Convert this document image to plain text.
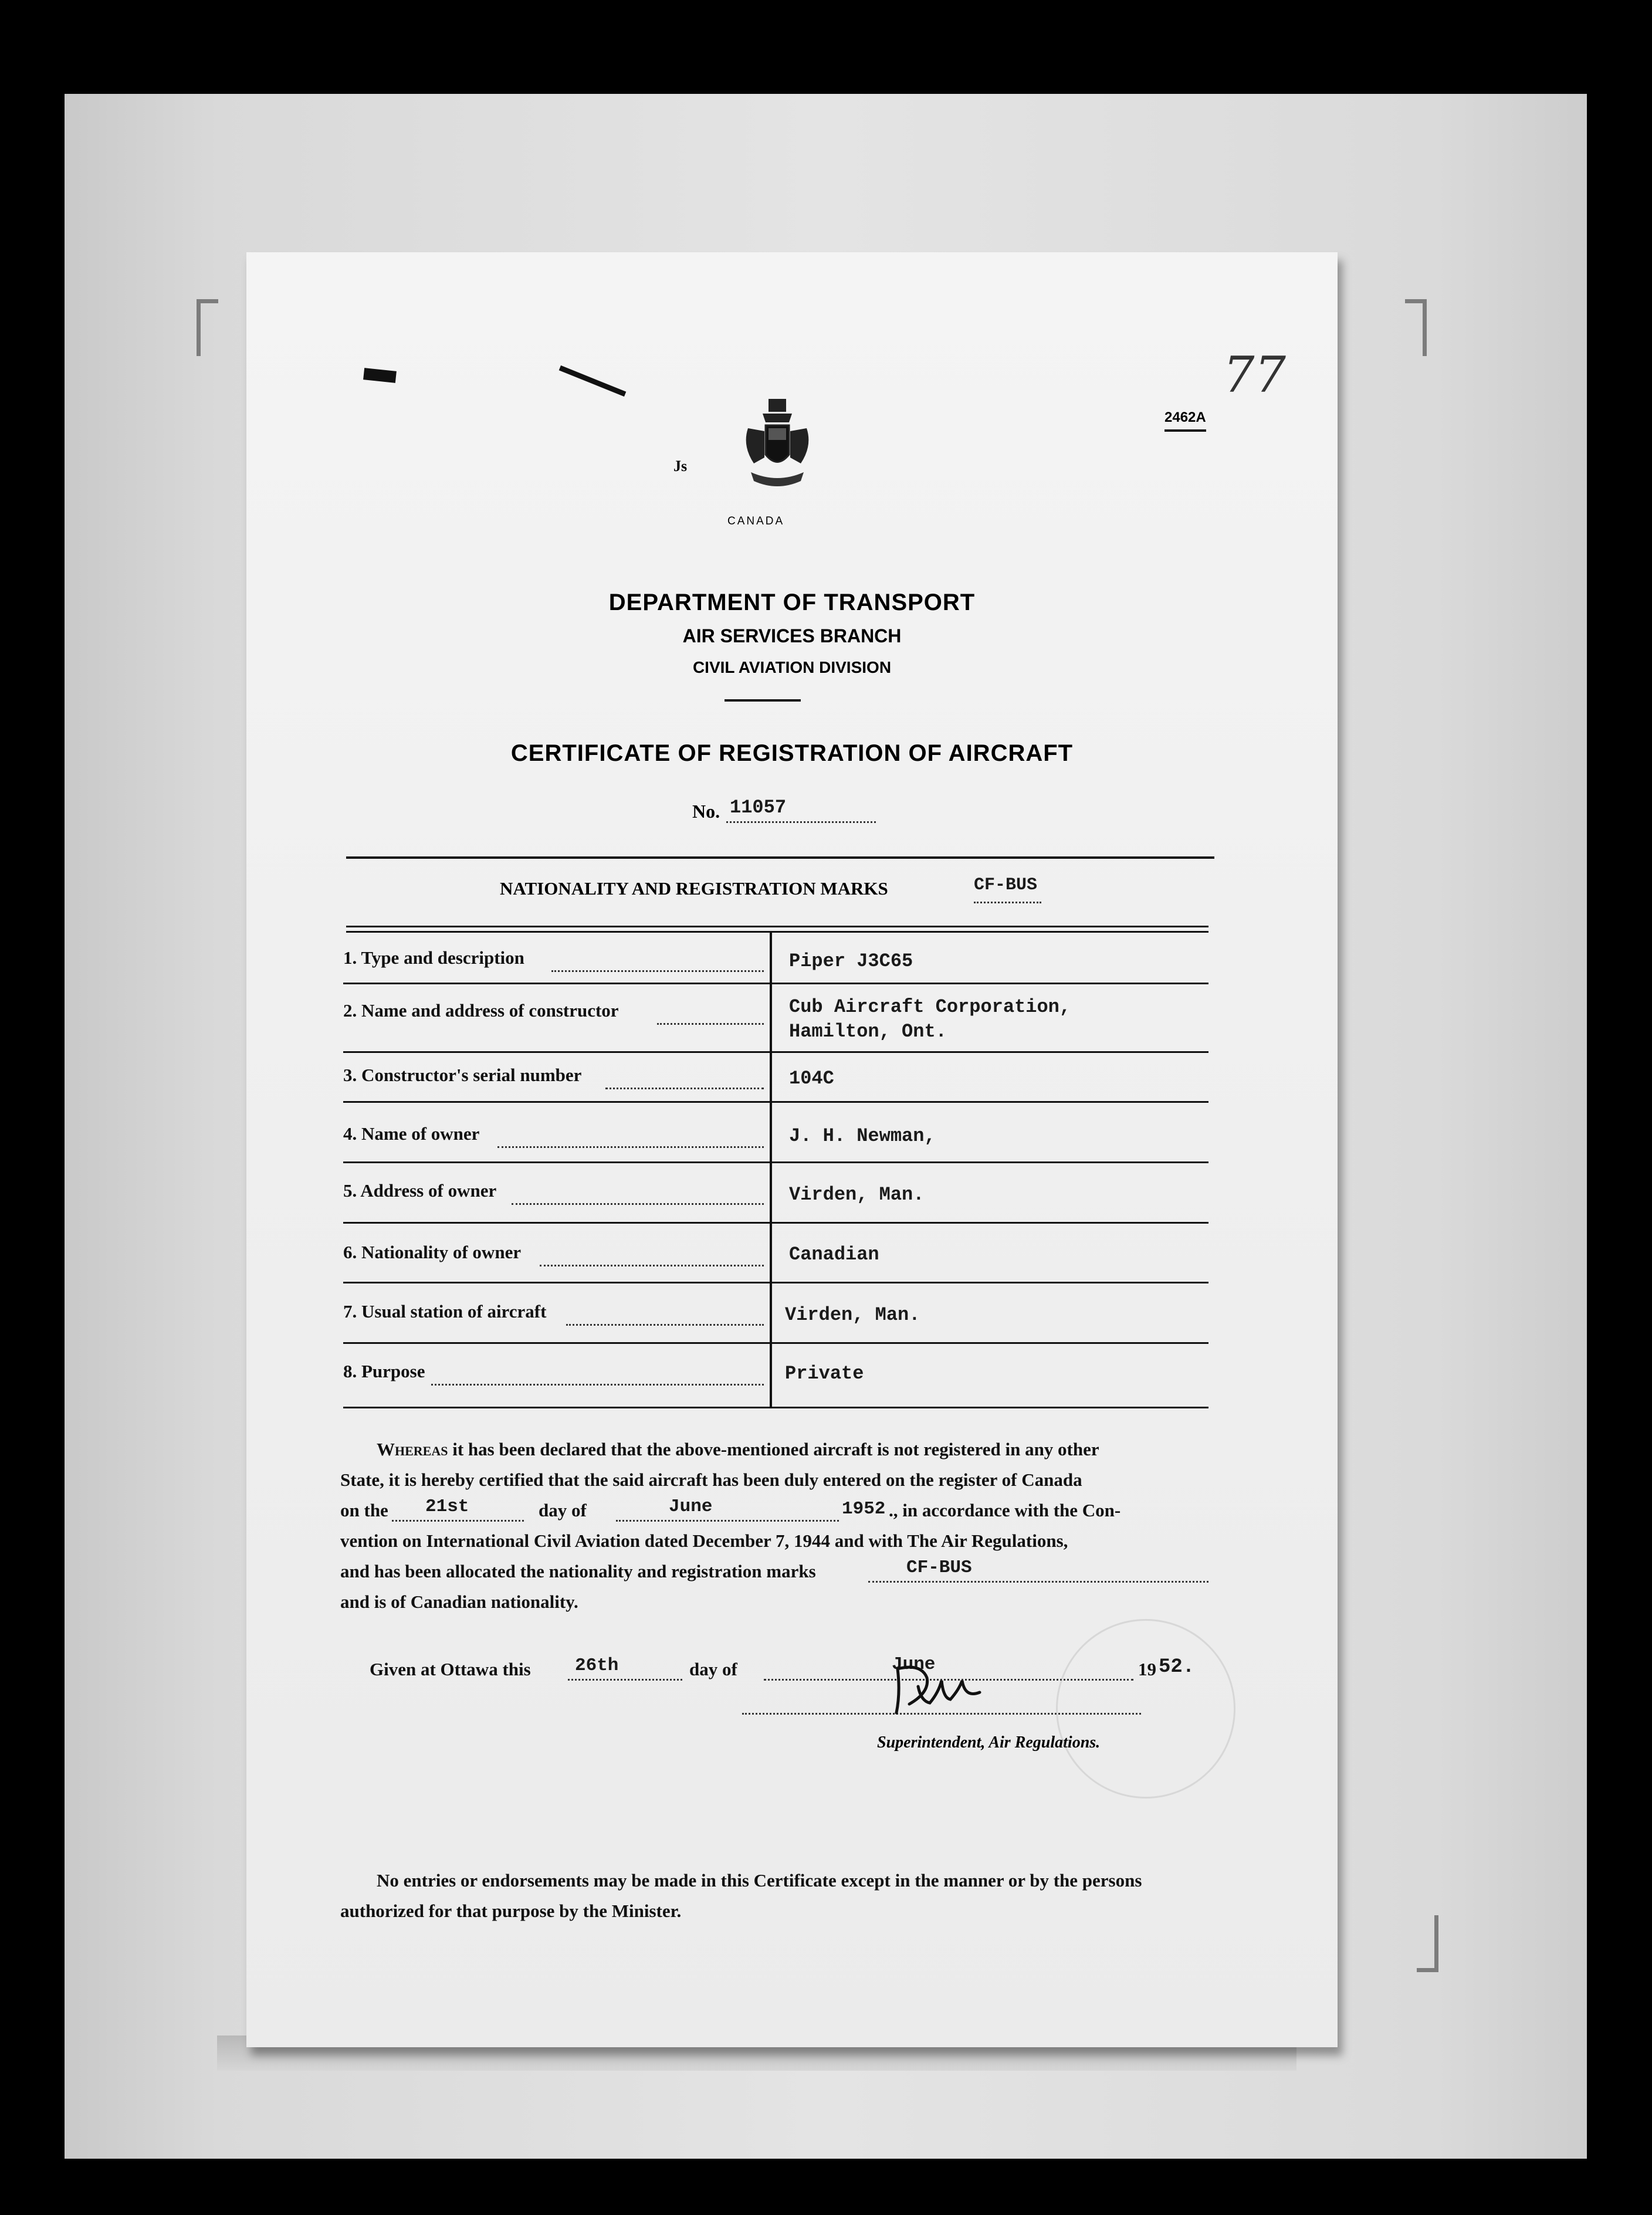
Js
77
2462A
CANADA
DEPARTMENT OF TRANSPORT
AIR SERVICES BRANCH
CIVIL AVIATION DIVISION
CERTIFICATE OF REGISTRATION OF AIRCRAFT
No. 11057
NATIONALITY AND REGISTRATION MARKS	CF-BUS
1. Type and description	Piper J3C65
2. Name and address of constructor	Cub Aircraft Corporation,
Hamilton, Ont.
3. Constructor's serial number	104C
4. Name of owner	J. H. Newman,
5. Address of owner	Virden, Man.
6. Nationality of owner	Canadian
7. Usual station of aircraft	Virden, Man.
8. Purpose	Private
Whereas it has been declared that the above-mentioned aircraft is not registered in any other
State, it is hereby certified that the said aircraft has been duly entered on the register of Canada
on the 21st	day of	June	1952 ., in accordance with the Con-
vention on International Civil Aviation dated December 7, 1944 and with The Air Regulations,
and has been allocated the nationality and registration marks	CF-BUS
and is of Canadian nationality.
Given at Ottawa this 26th	day of	June	19 52.
Superintendent, Air Regulations.
No entries or endorsements may be made in this Certificate except in the manner or by the persons
authorized for that purpose by the Minister.
